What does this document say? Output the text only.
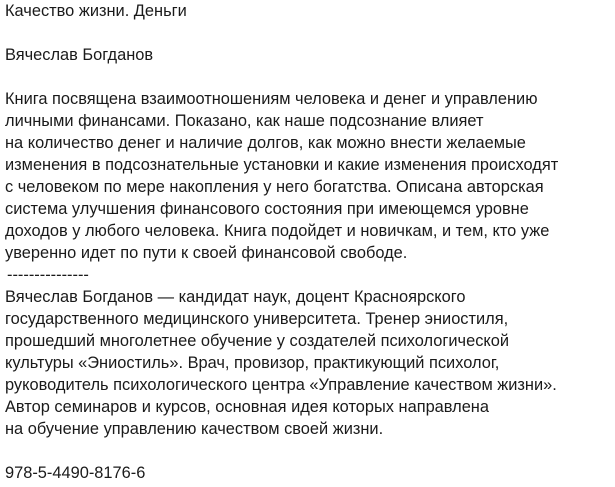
Качество жизни. Деньги
Вячеслав Богданов
Книга посвящена взаимоотношениям человека и денег и управлению
личными финансами. Показано, как наше подсознание влияет
на количество денег и наличие долгов, как можно внести желаемые
изменения в подсознательные установки и какие изменения происходят
с человеком по мере накопления у него богатства. Описана авторская
система улучшения финансового состояния при имеющемся уровне
доходов у любого человека. Книга подойдет и новичкам, и тем, кто уже
уверенно идет по пути к своей финансовой свободе.
---------------
Вячеслав Богданов — кандидат наук, доцент Красноярского
государственного медицинского университета. Тренер эниостиля,
прошедший многолетнее обучение у создателей психологической
культуры «Эниостиль». Врач, провизор, практикующий психолог,
руководитель психологического центра «Управление качеством жизни».
Автор семинаров и курсов, основная идея которых направлена
на обучение управлению качеством своей жизни.
978-5-4490-8176-6
